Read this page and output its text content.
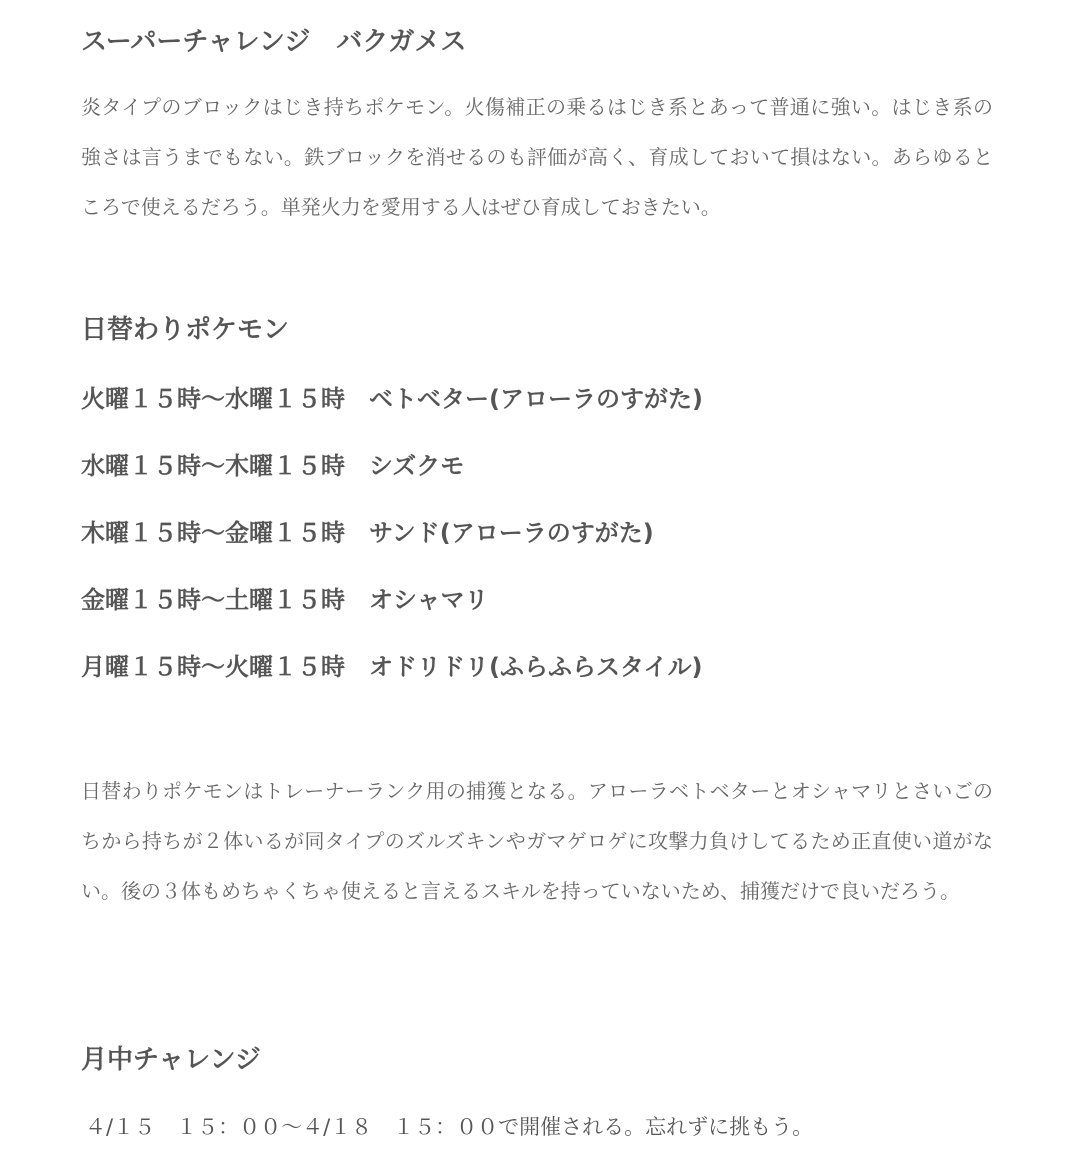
スーパーチャレンジ　バクガメス

炎タイプのブロックはじき持ちポケモン。火傷補正の乗るはじき系とあって普通に強い。はじき系の強さは言うまでもない。鉄ブロックを消せるのも評価が高く、育成しておいて損はない。あらゆるところで使えるだろう。単発火力を愛用する人はぜひ育成しておきたい。

日替わりポケモン

火曜１５時～水曜１５時　ベトベター(アローラのすがた)

水曜１５時～木曜１５時　シズクモ

木曜１５時～金曜１５時　サンド(アローラのすがた)

金曜１５時～土曜１５時　オシャマリ

月曜１５時～火曜１５時　オドリドリ(ふらふらスタイル)

日替わりポケモンはトレーナーランク用の捕獲となる。アローラベトベターとオシャマリとさいごのちから持ちが２体いるが同タイプのズルズキンやガマゲロゲに攻撃力負けしてるため正直使い道がない。後の３体もめちゃくちゃ使えると言えるスキルを持っていないため、捕獲だけで良いだろう。

月中チャレンジ

４/１５　１５：００～４/１８　１５：００で開催される。忘れずに挑もう。
